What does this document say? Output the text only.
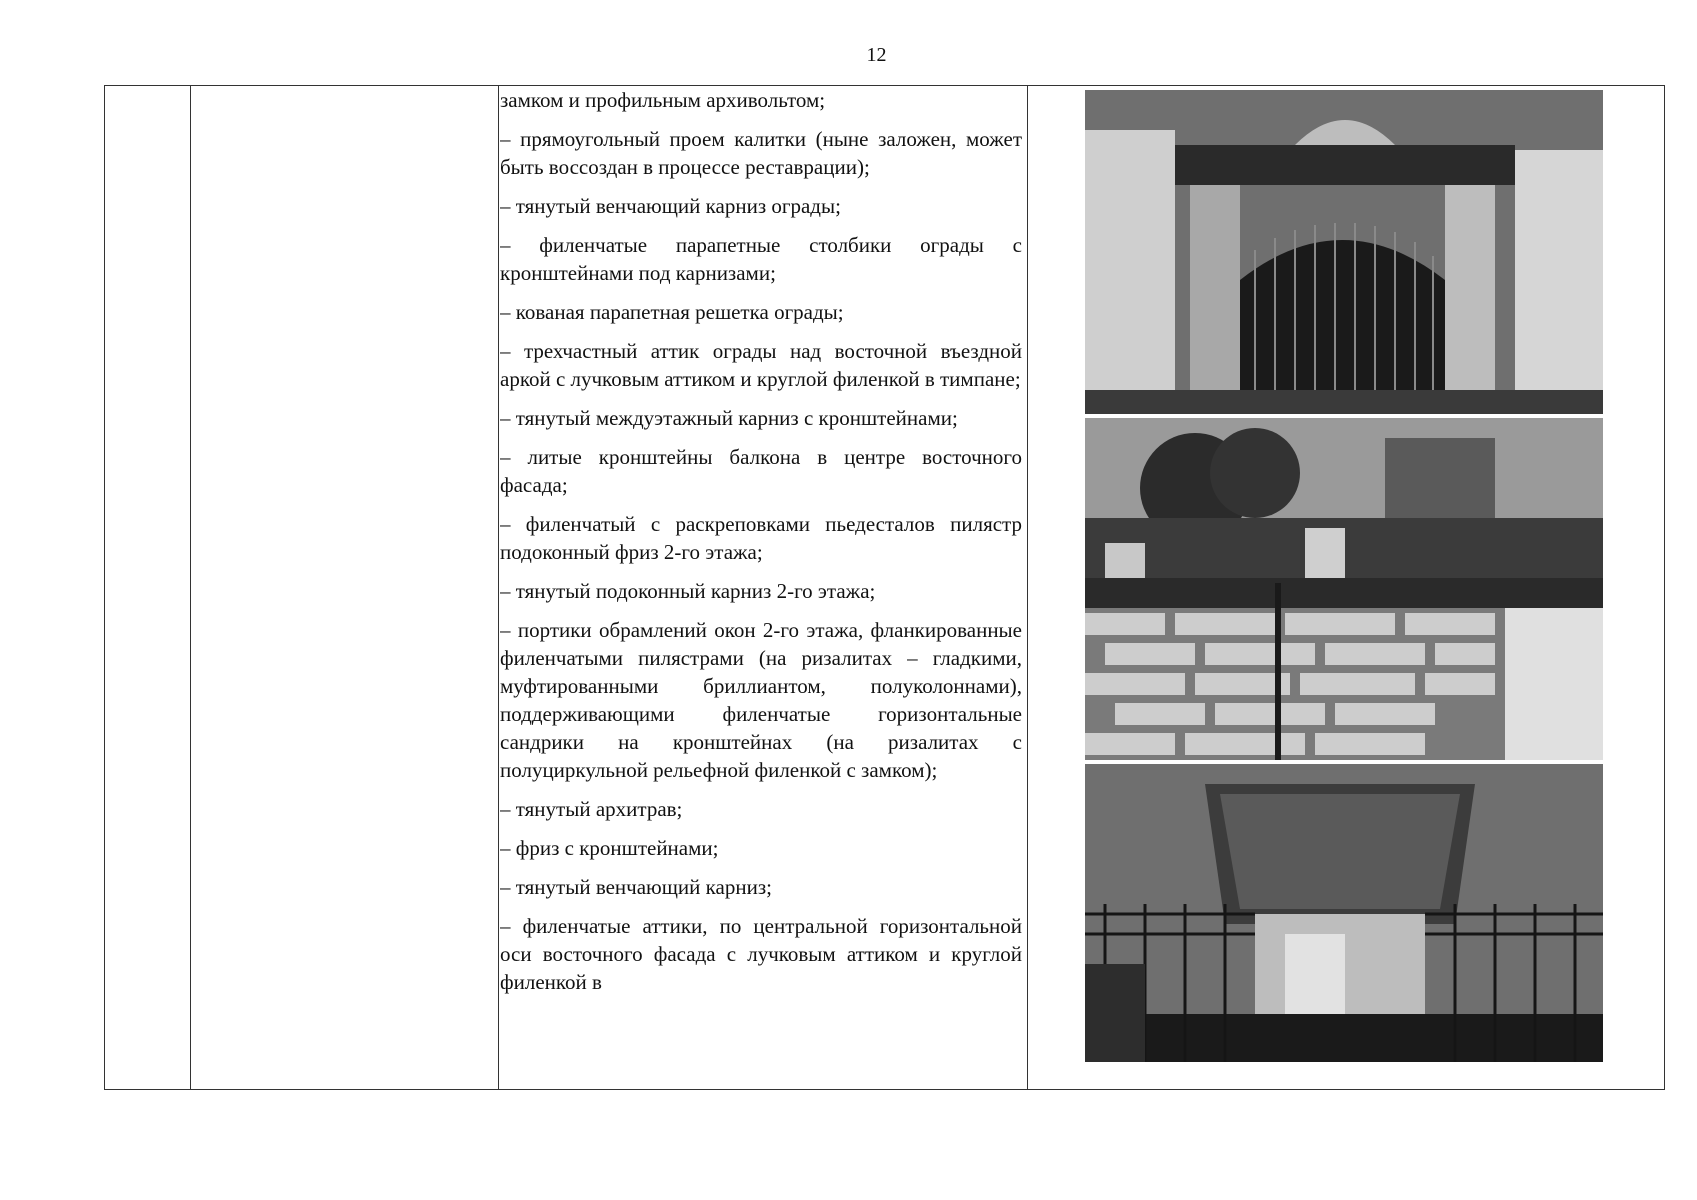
12

замком и профильным архивольтом;

– прямоугольный проем калитки (ныне заложен, может быть воссоздан в процессе реставрации);

– тянутый венчающий карниз ограды;

– филенчатые парапетные столбики ограды с кронштейнами под карнизами;

– кованая парапетная решетка ограды;

– трехчастный аттик ограды над восточной въездной аркой с лучковым аттиком и круглой филенкой в тимпане;

– тянутый междуэтажный карниз с кронштейнами;

– литые кронштейны балкона в центре восточного фасада;

– филенчатый с раскреповками пьедесталов пилястр подоконный фриз 2-го этажа;

– тянутый подоконный карниз 2-го этажа;

– портики обрамлений окон 2-го этажа, фланкированные филенчатыми пилястрами (на ризалитах – гладкими, муфтированными бриллиантом, полуколоннами), поддерживающими филенчатые горизонтальные сандрики на кронштейнах (на ризалитах с полуциркульной рельефной филенкой с замком);

– тянутый архитрав;

– фриз с кронштейнами;

– тянутый венчающий карниз;

– филенчатые аттики, по центральной горизонтальной оси восточного фасада с лучковым аттиком и круглой филенкой в
